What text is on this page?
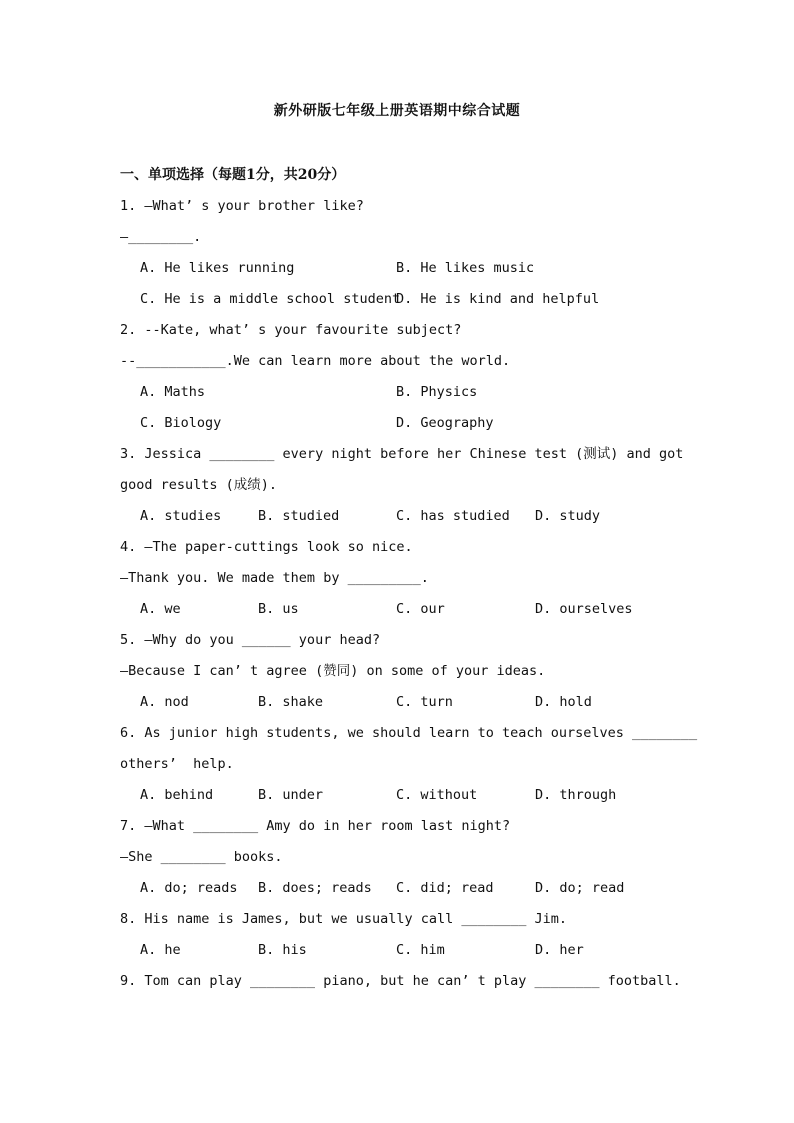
新外研版七年级上册英语期中综合试题
一、单项选择（每题1分，共20分）
1. —What’ s your brother like?
—________.

A. He likes running

	B. He likes music

C. He is a middle school student

D. He is kind and helpful

2. --Kate, what’ s your favourite subject?
--___________.We can learn more about the world.

A. Maths

	B. Physics

C. Biology

	D. Geography

3. Jessica ________ every night before her Chinese test (测试) and got
good results (成绩).

A. studies

	B. studied

	C. has studied

D. study

4. —The paper-cuttings look so nice.
—Thank you. We made them by _________.

A. we

	B. us

	C. our

	D. ourselves

5. —Why do you ______ your head?
—Because I can’ t agree (赞同) on some of your ideas.

A. nod

	B. shake

	C. turn

	D. hold

6. As junior high students, we should learn to teach ourselves ________
others’  help.

A. behind

	B. under

	C. without

	D. through

7. —What ________ Amy do in her room last night?
—She ________ books.

A. do; reads

B. does; reads

C. did; read

	D. do; read

8. His name is James, but we usually call ________ Jim.

A. he

	B. his

	C. him

	D. her

9. Tom can play ________ piano, but he can’ t play ________ football.
